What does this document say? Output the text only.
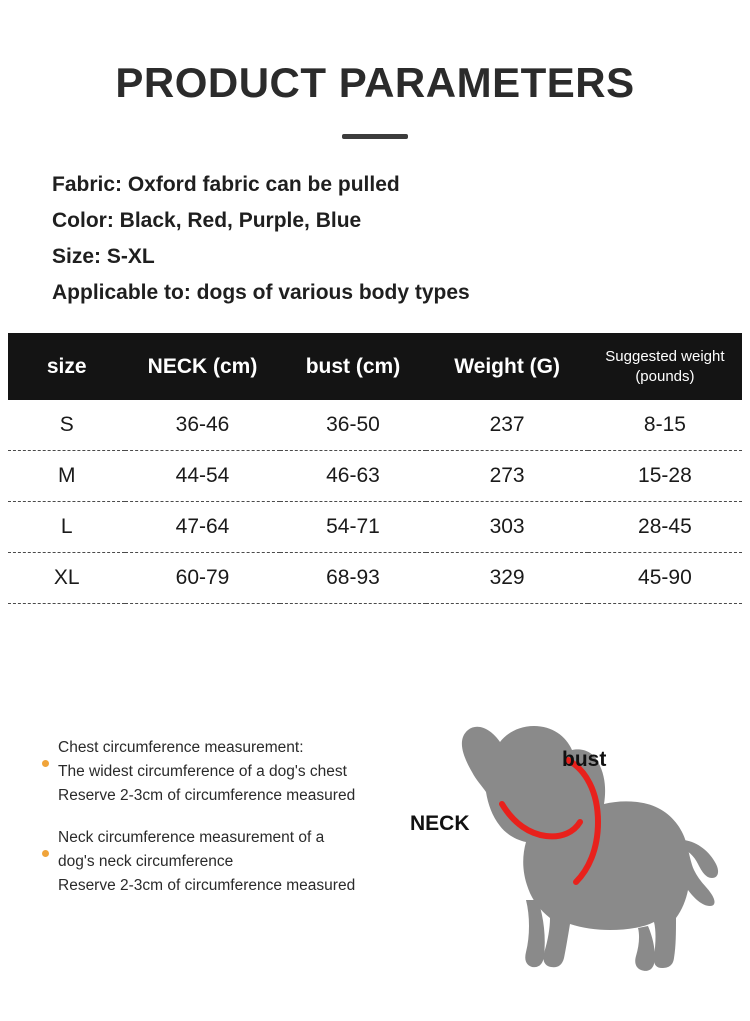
PRODUCT PARAMETERS
Fabric: Oxford fabric can be pulled
Color: Black, Red, Purple, Blue
Size: S-XL
Applicable to: dogs of various body types
size	NECK (cm)	bust (cm)	Weight (G)	Suggested weight (pounds)
S	36-46	36-50	237	8-15
M	44-54	46-63	273	15-28
L	47-64	54-71	303	28-45
XL	60-79	68-93	329	45-90
Chest circumference measurement:
The widest circumference of a dog's chest
Reserve 2-3cm of circumference measured
Neck circumference measurement of a
dog's neck circumference
Reserve 2-3cm of circumference measured
bust
NECK
